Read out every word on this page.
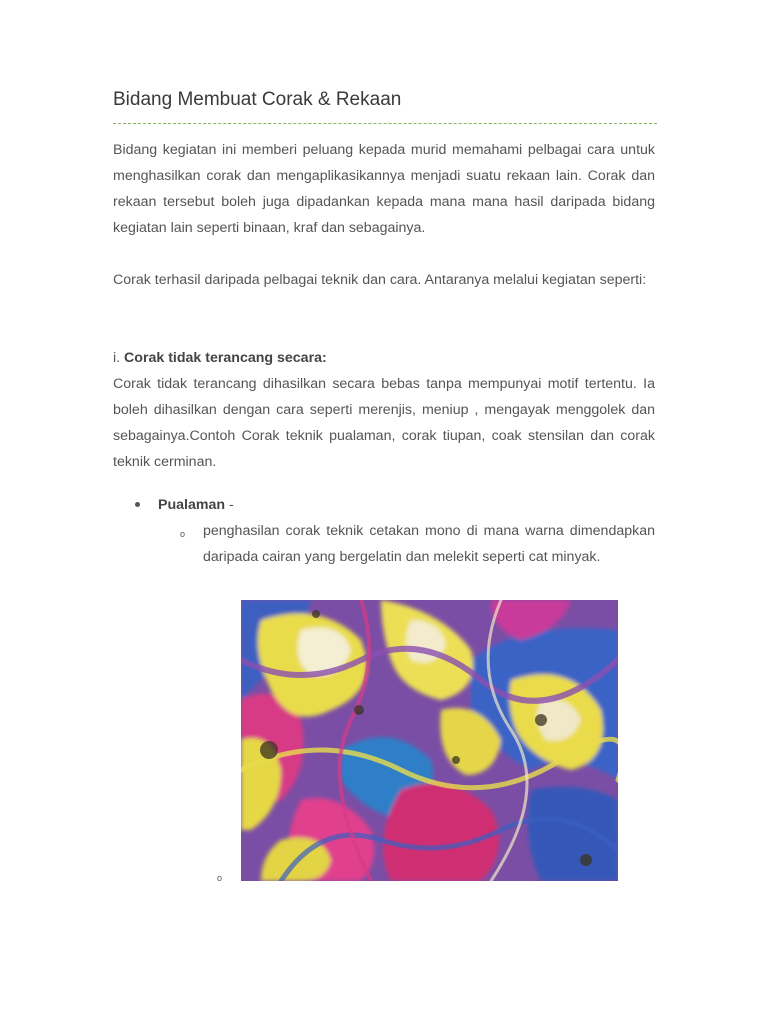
Bidang Membuat Corak & Rekaan

Bidang kegiatan ini memberi peluang kepada murid memahami pelbagai cara untuk menghasilkan corak dan mengaplikasikannya menjadi suatu rekaan lain. Corak dan rekaan tersebut boleh juga dipadankan kepada mana mana hasil daripada bidang kegiatan lain seperti binaan, kraf dan sebagainya.

Corak terhasil daripada pelbagai teknik dan cara. Antaranya melalui kegiatan seperti:

i. Corak tidak terancang secara:

Corak tidak terancang dihasilkan secara bebas tanpa mempunyai motif tertentu. Ia boleh dihasilkan dengan cara seperti merenjis, meniup , mengayak menggolek dan sebagainya.Contoh Corak teknik pualaman, corak tiupan, coak stensilan dan corak teknik cerminan.

Pualaman -
o penghasilan corak teknik cetakan mono di mana warna dimendapkan daripada cairan yang bergelatin dan melekit seperti cat minyak.

o
